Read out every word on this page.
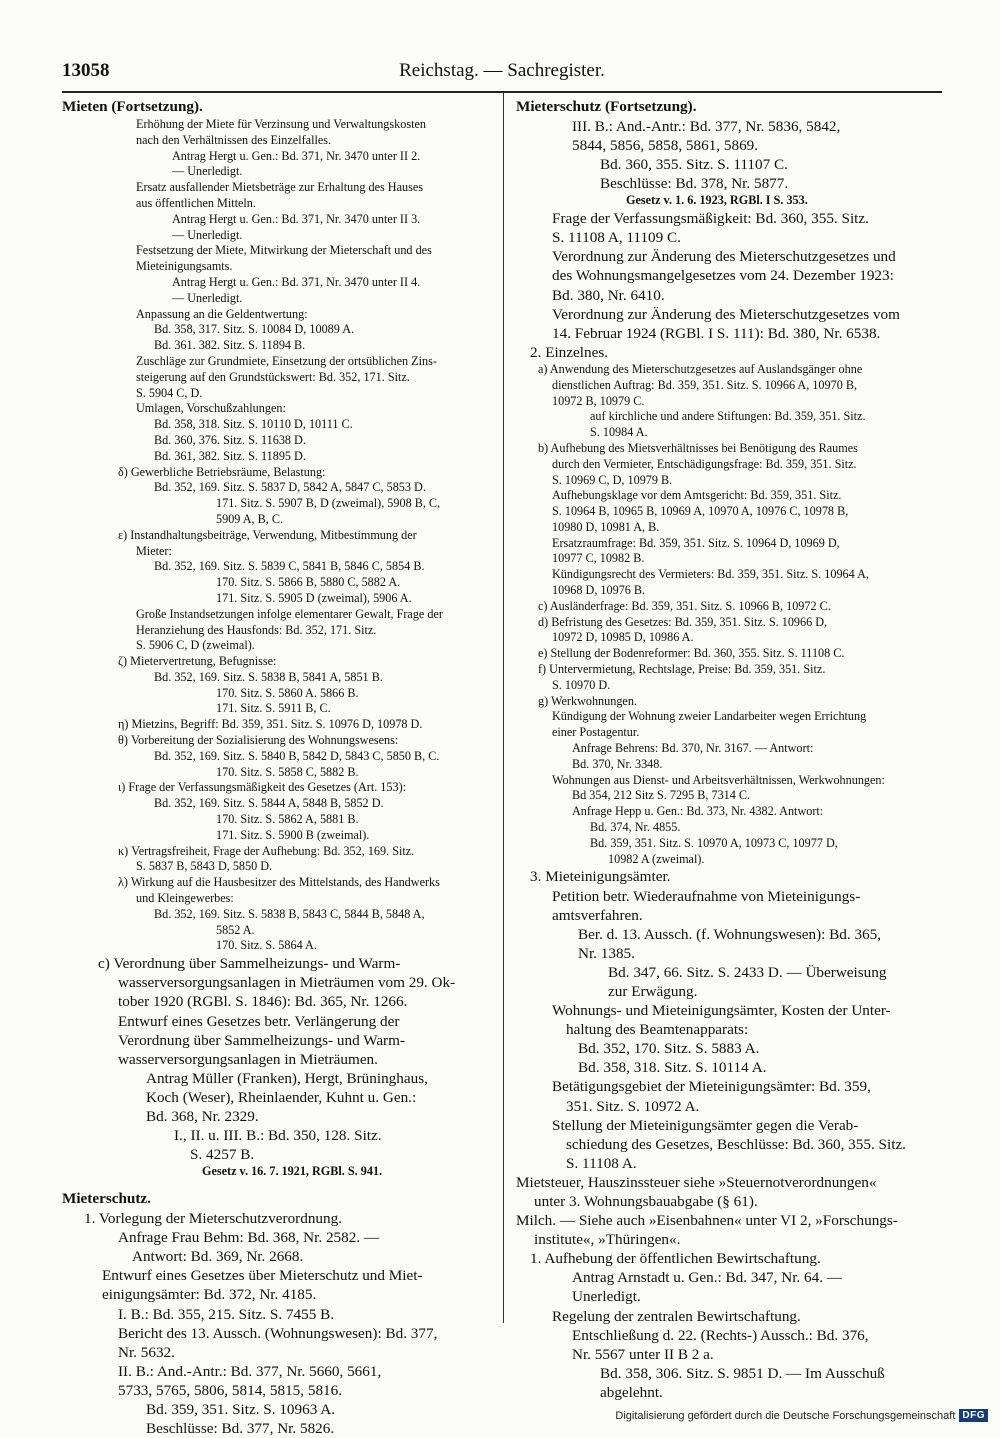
13058	Reichstag. — Sachregister.
Mieten (Fortsetzung).
Erhöhung der Miete für Verzinsung und Verwaltungskosten
nach den Verhältnissen des Einzelfalles.
Antrag Hergt u. Gen.: Bd. 371, Nr. 3470 unter II 2.
— Unerledigt.
Ersatz ausfallender Mietsbeträge zur Erhaltung des Hauses
aus öffentlichen Mitteln.
Antrag Hergt u. Gen.: Bd. 371, Nr. 3470 unter II 3.
— Unerledigt.
Festsetzung der Miete, Mitwirkung der Mieterschaft und des
Mieteinigungsamts.
Antrag Hergt u. Gen.: Bd. 371, Nr. 3470 unter II 4.
— Unerledigt.
Anpassung an die Geldentwertung:
Bd. 358, 317. Sitz. S. 10084 D, 10089 A.
Bd. 361. 382. Sitz. S. 11894 B.
Zuschläge zur Grundmiete, Einsetzung der ortsüblichen Zins-
steigerung auf den Grundstückswert: Bd. 352, 171. Sitz.
S. 5904 C, D.
Umlagen, Vorschußzahlungen:
Bd. 358, 318. Sitz. S. 10110 D, 10111 C.
Bd. 360, 376. Sitz. S. 11638 D.
Bd. 361, 382. Sitz. S. 11895 D.
δ) Gewerbliche Betriebsräume, Belastung:
Bd. 352, 169. Sitz. S. 5837 D, 5842 A, 5847 C, 5853 D.
171. Sitz. S. 5907 B, D (zweimal), 5908 B, C,
5909 A, B, C.
ε) Instandhaltungsbeiträge, Verwendung, Mitbestimmung der
Mieter:
Bd. 352, 169. Sitz. S. 5839 C, 5841 B, 5846 C, 5854 B.
170. Sitz. S. 5866 B, 5880 C, 5882 A.
171. Sitz. S. 5905 D (zweimal), 5906 A.
Große Instandsetzungen infolge elementarer Gewalt, Frage der
Heranziehung des Hausfonds: Bd. 352, 171. Sitz.
S. 5906 C, D (zweimal).
ζ) Mietervertretung, Befugnisse:
Bd. 352, 169. Sitz. S. 5838 B, 5841 A, 5851 B.
170. Sitz. S. 5860 A. 5866 B.
171. Sitz. S. 5911 B, C.
η) Mietzins, Begriff: Bd. 359, 351. Sitz. S. 10976 D, 10978 D.
θ) Vorbereitung der Sozialisierung des Wohnungswesens:
Bd. 352, 169. Sitz. S. 5840 B, 5842 D, 5843 C, 5850 B, C.
170. Sitz. S. 5858 C, 5882 B.
ι) Frage der Verfassungsmäßigkeit des Gesetzes (Art. 153):
Bd. 352, 169. Sitz. S. 5844 A, 5848 B, 5852 D.
170. Sitz. S. 5862 A, 5881 B.
171. Sitz. S. 5900 B (zweimal).
κ) Vertragsfreiheit, Frage der Aufhebung: Bd. 352, 169. Sitz.
S. 5837 B, 5843 D, 5850 D.
λ) Wirkung auf die Hausbesitzer des Mittelstands, des Handwerks
und Kleingewerbes:
Bd. 352, 169. Sitz. S. 5838 B, 5843 C, 5844 B, 5848 A,
5852 A.
170. Sitz. S. 5864 A.
c) Verordnung über Sammelheizungs- und Warm-
wasserversorgungsanlagen in Mieträumen vom 29. Ok-
tober 1920 (RGBl. S. 1846): Bd. 365, Nr. 1266.
Entwurf eines Gesetzes betr. Verlängerung der
Verordnung über Sammelheizungs- und Warm-
wasserversorgungsanlagen in Mieträumen.
Antrag Müller (Franken), Hergt, Brüninghaus,
Koch (Weser), Rheinlaender, Kuhnt u. Gen.:
Bd. 368, Nr. 2329.
I., II. u. III. B.: Bd. 350, 128. Sitz.
S. 4257 B.
Gesetz v. 16. 7. 1921, RGBl. S. 941.
Mieterschutz.
1. Vorlegung der Mieterschutzverordnung.
Anfrage Frau Behm: Bd. 368, Nr. 2582. —
Antwort: Bd. 369, Nr. 2668.
Entwurf eines Gesetzes über Mieterschutz und Miet-
einigungsämter: Bd. 372, Nr. 4185.
I. B.: Bd. 355, 215. Sitz. S. 7455 B.
Bericht des 13. Aussch. (Wohnungswesen): Bd. 377,
Nr. 5632.
II. B.: And.-Antr.: Bd. 377, Nr. 5660, 5661,
5733, 5765, 5806, 5814, 5815, 5816.
Bd. 359, 351. Sitz. S. 10963 A.
Beschlüsse: Bd. 377, Nr. 5826.
Mieterschutz (Fortsetzung).
III. B.: And.-Antr.: Bd. 377, Nr. 5836, 5842,
5844, 5856, 5858, 5861, 5869.
Bd. 360, 355. Sitz. S. 11107 C.
Beschlüsse: Bd. 378, Nr. 5877.
Gesetz v. 1. 6. 1923, RGBl. I S. 353.
Frage der Verfassungsmäßigkeit: Bd. 360, 355. Sitz.
S. 11108 A, 11109 C.
Verordnung zur Änderung des Mieterschutzgesetzes und
des Wohnungsmangelgesetzes vom 24. Dezember 1923:
Bd. 380, Nr. 6410.
Verordnung zur Änderung des Mieterschutzgesetzes vom
14. Februar 1924 (RGBl. I S. 111): Bd. 380, Nr. 6538.
2. Einzelnes.
a) Anwendung des Mieterschutzgesetzes auf Auslandsgänger ohne
dienstlichen Auftrag: Bd. 359, 351. Sitz. S. 10966 A, 10970 B,
10972 B, 10979 C.
auf kirchliche und andere Stiftungen: Bd. 359, 351. Sitz.
S. 10984 A.
b) Aufhebung des Mietsverhältnisses bei Benötigung des Raumes
durch den Vermieter, Entschädigungsfrage: Bd. 359, 351. Sitz.
S. 10969 C, D, 10979 B.
Aufhebungsklage vor dem Amtsgericht: Bd. 359, 351. Sitz.
S. 10964 B, 10965 B, 10969 A, 10970 A, 10976 C, 10978 B,
10980 D, 10981 A, B.
Ersatzraumfrage: Bd. 359, 351. Sitz. S. 10964 D, 10969 D,
10977 C, 10982 B.
Kündigungsrecht des Vermieters: Bd. 359, 351. Sitz. S. 10964 A,
10968 D, 10976 B.
c) Ausländerfrage: Bd. 359, 351. Sitz. S. 10966 B, 10972 C.
d) Befristung des Gesetzes: Bd. 359, 351. Sitz. S. 10966 D,
10972 D, 10985 D, 10986 A.
e) Stellung der Bodenreformer: Bd. 360, 355. Sitz. S. 11108 C.
f) Untervermietung, Rechtslage, Preise: Bd. 359, 351. Sitz.
S. 10970 D.
g) Werkwohnungen.
Kündigung der Wohnung zweier Landarbeiter wegen Errichtung
einer Postagentur.
Anfrage Behrens: Bd. 370, Nr. 3167. — Antwort:
Bd. 370, Nr. 3348.
Wohnungen aus Dienst- und Arbeitsverhältnissen, Werkwohnungen:
Bd 354, 212 Sitz S. 7295 B, 7314 C.
Anfrage Hepp u. Gen.: Bd. 373, Nr. 4382. Antwort:
Bd. 374, Nr. 4855.
Bd. 359, 351. Sitz. S. 10970 A, 10973 C, 10977 D,
10982 A (zweimal).
3. Mieteinigungsämter.
Petition betr. Wiederaufnahme von Mieteinigungs-
amtsverfahren.
Ber. d. 13. Aussch. (f. Wohnungswesen): Bd. 365,
Nr. 1385.
Bd. 347, 66. Sitz. S. 2433 D. — Überweisung
zur Erwägung.
Wohnungs- und Mieteinigungsämter, Kosten der Unter-
haltung des Beamtenapparats:
Bd. 352, 170. Sitz. S. 5883 A.
Bd. 358, 318. Sitz. S. 10114 A.
Betätigungsgebiet der Mieteinigungsämter: Bd. 359,
351. Sitz. S. 10972 A.
Stellung der Mieteinigungsämter gegen die Verab-
schiedung des Gesetzes, Beschlüsse: Bd. 360, 355. Sitz.
S. 11108 A.
Mietsteuer, Hauszinssteuer siehe »Steuernotverordnungen«
unter 3. Wohnungsbauabgabe (§ 61).
Milch. — Siehe auch »Eisenbahnen« unter VI 2, »Forschungs-
institute«, »Thüringen«.
1. Aufhebung der öffentlichen Bewirtschaftung.
Antrag Arnstadt u. Gen.: Bd. 347, Nr. 64. —
Unerledigt.
Regelung der zentralen Bewirtschaftung.
Entschließung d. 22. (Rechts-) Aussch.: Bd. 376,
Nr. 5567 unter II B 2 a.
Bd. 358, 306. Sitz. S. 9851 D. — Im Ausschuß
abgelehnt.
Digitalisierung gefördert durch die Deutsche Forschungsgemeinschaft DFG
